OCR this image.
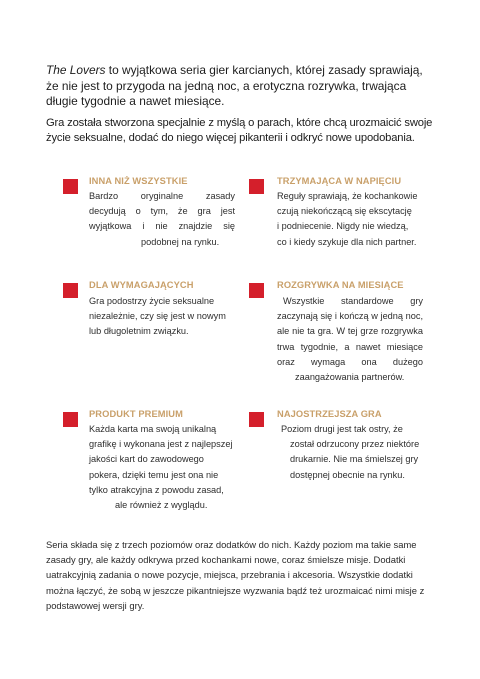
The Lovers to wyjątkowa seria gier karcianych, której zasady sprawiają, że nie jest to przygoda na jedną noc, a erotyczna rozrywka, trwająca długie tygodnie a nawet miesiące.

Gra została stworzona specjalnie z myślą o parach, które chcą urozmaicić swoje życie seksualne, dodać do niego więcej pikanterii i odkryć nowe upodobania.

INNA NIŻ WSZYSTKIE
Bardzo oryginalne zasady
decydują o tym, że gra jest
wyjątkowa i nie znajdzie się
podobnej na rynku.
TRZYMAJĄCA W NAPIĘCIU
Reguły sprawiają, że kochankowie
czują niekończącą się ekscytację
i podniecenie. Nigdy nie wiedzą,
co i kiedy szykuje dla nich partner.
DLA WYMAGAJĄCYCH
Gra podostrzy życie seksualne
niezależnie, czy się jest w nowym
lub długoletnim związku.
ROZGRYWKA NA MIESIĄCE
Wszystkie standardowe gry
zaczynają się i kończą w jedną noc,
ale nie ta gra. W tej grze rozgrywka
trwa tygodnie, a nawet miesiące
oraz wymaga ona dużego
zaangażowania partnerów.
PRODUKT PREMIUM
Każda karta ma swoją unikalną
grafikę i wykonana jest z najlepszej
jakości kart do zawodowego
pokera, dzięki temu jest ona nie
tylko atrakcyjna z powodu zasad,
ale również z wyglądu.
NAJOSTRZEJSZA GRA
Poziom drugi jest tak ostry, że
został odrzucony przez niektóre
drukarnie. Nie ma śmielszej gry
dostępnej obecnie na rynku.

Seria składa się z trzech poziomów oraz dodatków do nich. Każdy poziom ma takie same zasady gry, ale każdy odkrywa przed kochankami nowe, coraz śmielsze misje. Dodatki uatrakcyjnią zadania o nowe pozycje, miejsca, przebrania i akcesoria. Wszystkie dodatki można łączyć, że sobą w jeszcze pikantniejsze wyzwania bądź też urozmaicać nimi misje z podstawowej wersji gry.
